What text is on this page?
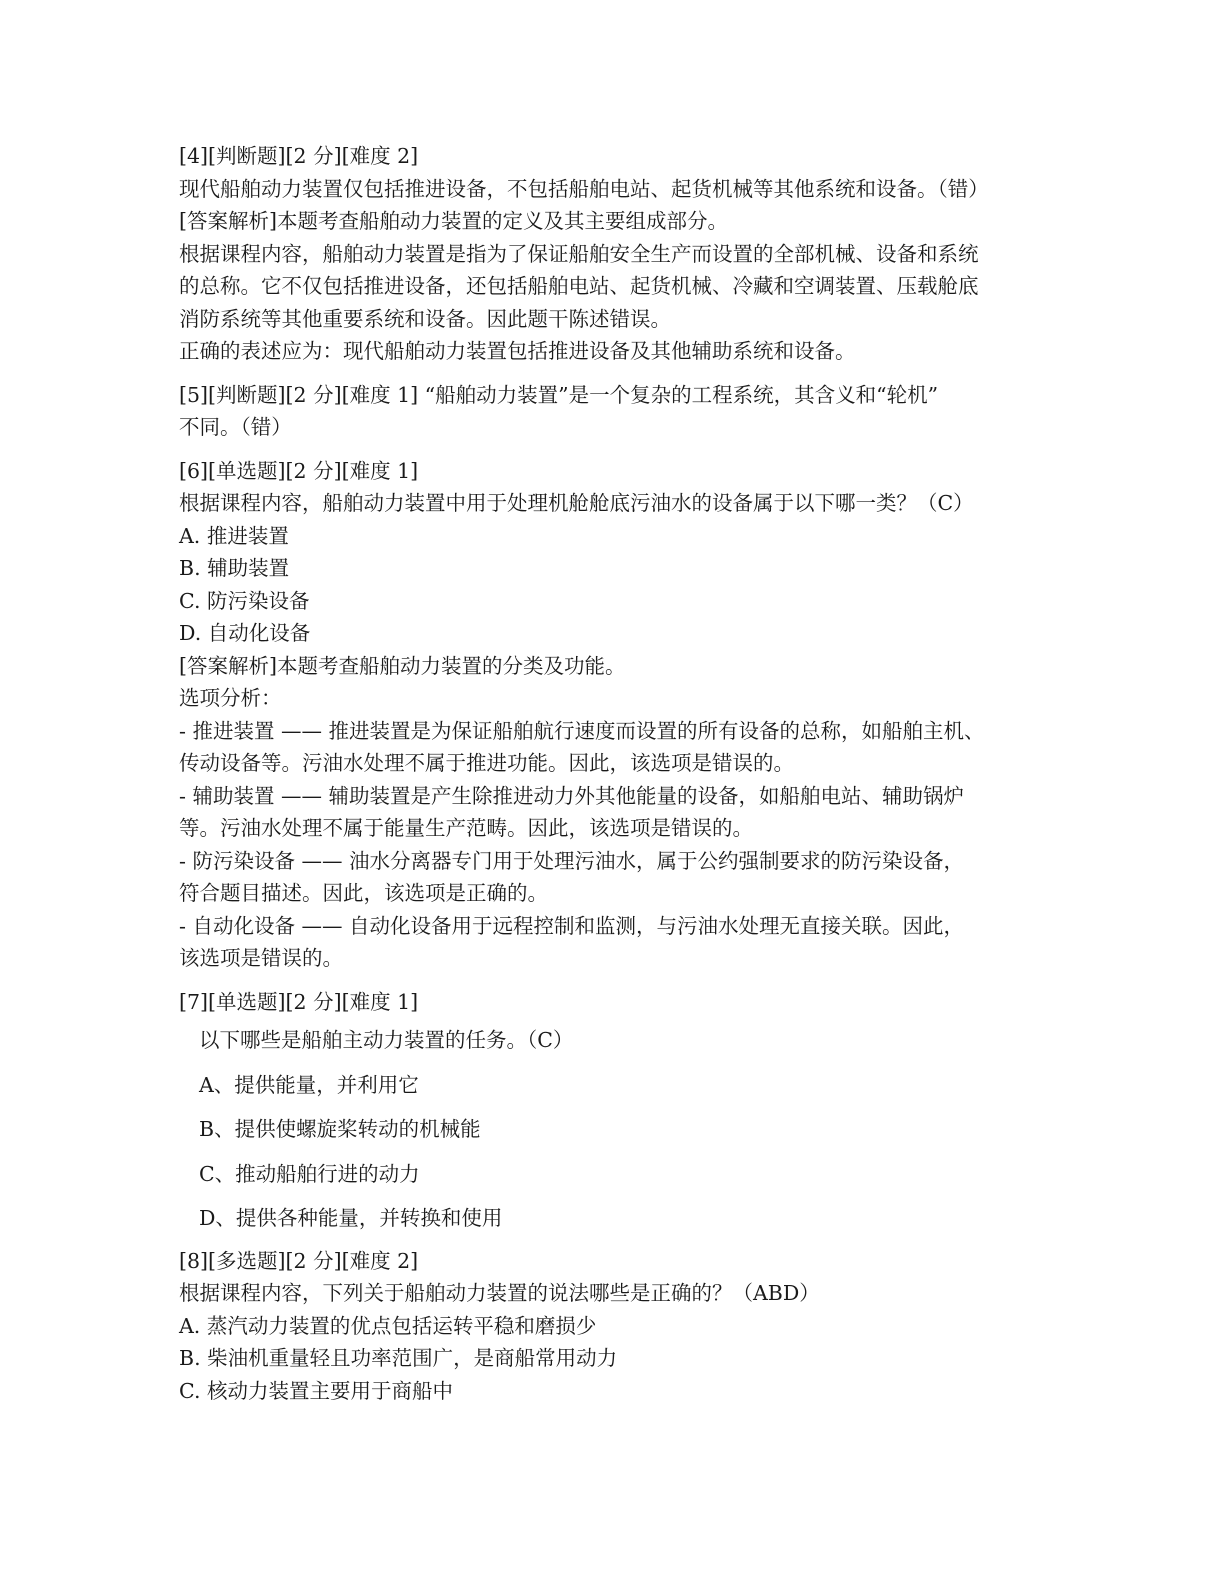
[4][判断题][2 分][难度 2]
现代船舶动力装置仅包括推进设备，不包括船舶电站、起货机械等其他系统和设备。（错）
[答案解析]本题考查船舶动力装置的定义及其主要组成部分。
根据课程内容，船舶动力装置是指为了保证船舶安全生产而设置的全部机械、设备和系统
的总称。它不仅包括推进设备，还包括船舶电站、起货机械、冷藏和空调装置、压载舱底
消防系统等其他重要系统和设备。因此题干陈述错误。
正确的表述应为：现代船舶动力装置包括推进设备及其他辅助系统和设备。
[5][判断题][2 分][难度 1] “船舶动力装置”是一个复杂的工程系统，其含义和“轮机”
不同。（错）
[6][单选题][2 分][难度 1]
根据课程内容，船舶动力装置中用于处理机舱舱底污油水的设备属于以下哪一类？（C）
A. 推进装置
B. 辅助装置
C. 防污染设备
D. 自动化设备
[答案解析]本题考查船舶动力装置的分类及功能。
选项分析：
- 推进装置 —— 推进装置是为保证船舶航行速度而设置的所有设备的总称，如船舶主机、
传动设备等。污油水处理不属于推进功能。因此，该选项是错误的。
- 辅助装置 —— 辅助装置是产生除推进动力外其他能量的设备，如船舶电站、辅助锅炉
等。污油水处理不属于能量生产范畴。因此，该选项是错误的。
- 防污染设备 —— 油水分离器专门用于处理污油水，属于公约强制要求的防污染设备，
符合题目描述。因此，该选项是正确的。
- 自动化设备 —— 自动化设备用于远程控制和监测，与污油水处理无直接关联。因此，
该选项是错误的。
[7][单选题][2 分][难度 1]
以下哪些是船舶主动力装置的任务。（C）
A、提供能量，并利用它
B、提供使螺旋桨转动的机械能
C、推动船舶行进的动力
D、提供各种能量，并转换和使用
[8][多选题][2 分][难度 2]
根据课程内容，下列关于船舶动力装置的说法哪些是正确的？（ABD）
A. 蒸汽动力装置的优点包括运转平稳和磨损少
B. 柴油机重量轻且功率范围广，是商船常用动力
C. 核动力装置主要用于商船中
